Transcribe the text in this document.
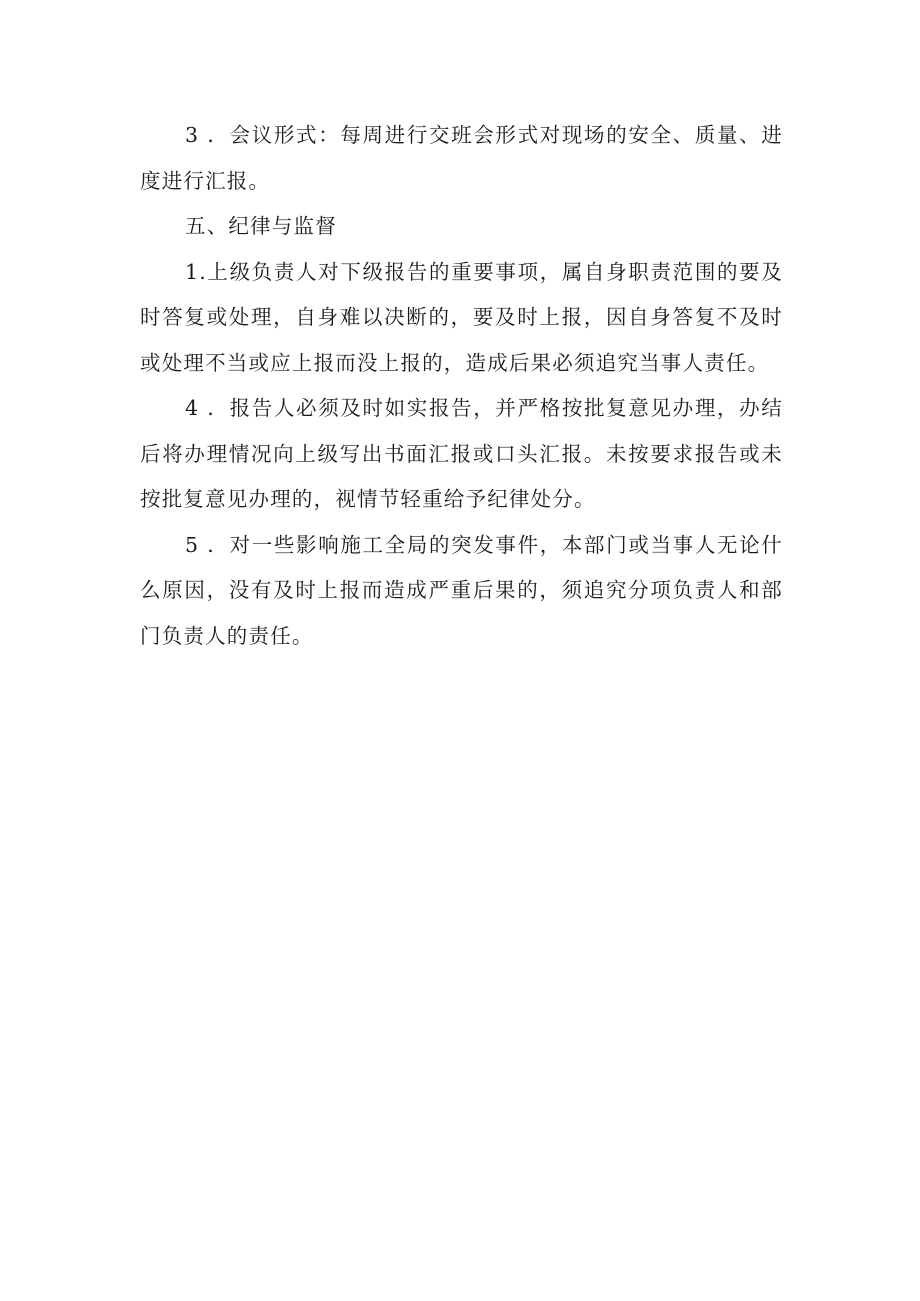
3 ．会议形式：每周进行交班会形式对现场的安全、质量、进度进行汇报。

五、纪律与监督

1.上级负责人对下级报告的重要事项，属自身职责范围的要及时答复或处理，自身难以决断的，要及时上报，因自身答复不及时或处理不当或应上报而没上报的，造成后果必须追究当事人责任。

4 ．报告人必须及时如实报告，并严格按批复意见办理，办结后将办理情况向上级写出书面汇报或口头汇报。未按要求报告或未按批复意见办理的，视情节轻重给予纪律处分。

5 ．对一些影响施工全局的突发事件，本部门或当事人无论什么原因，没有及时上报而造成严重后果的，须追究分项负责人和部门负责人的责任。
